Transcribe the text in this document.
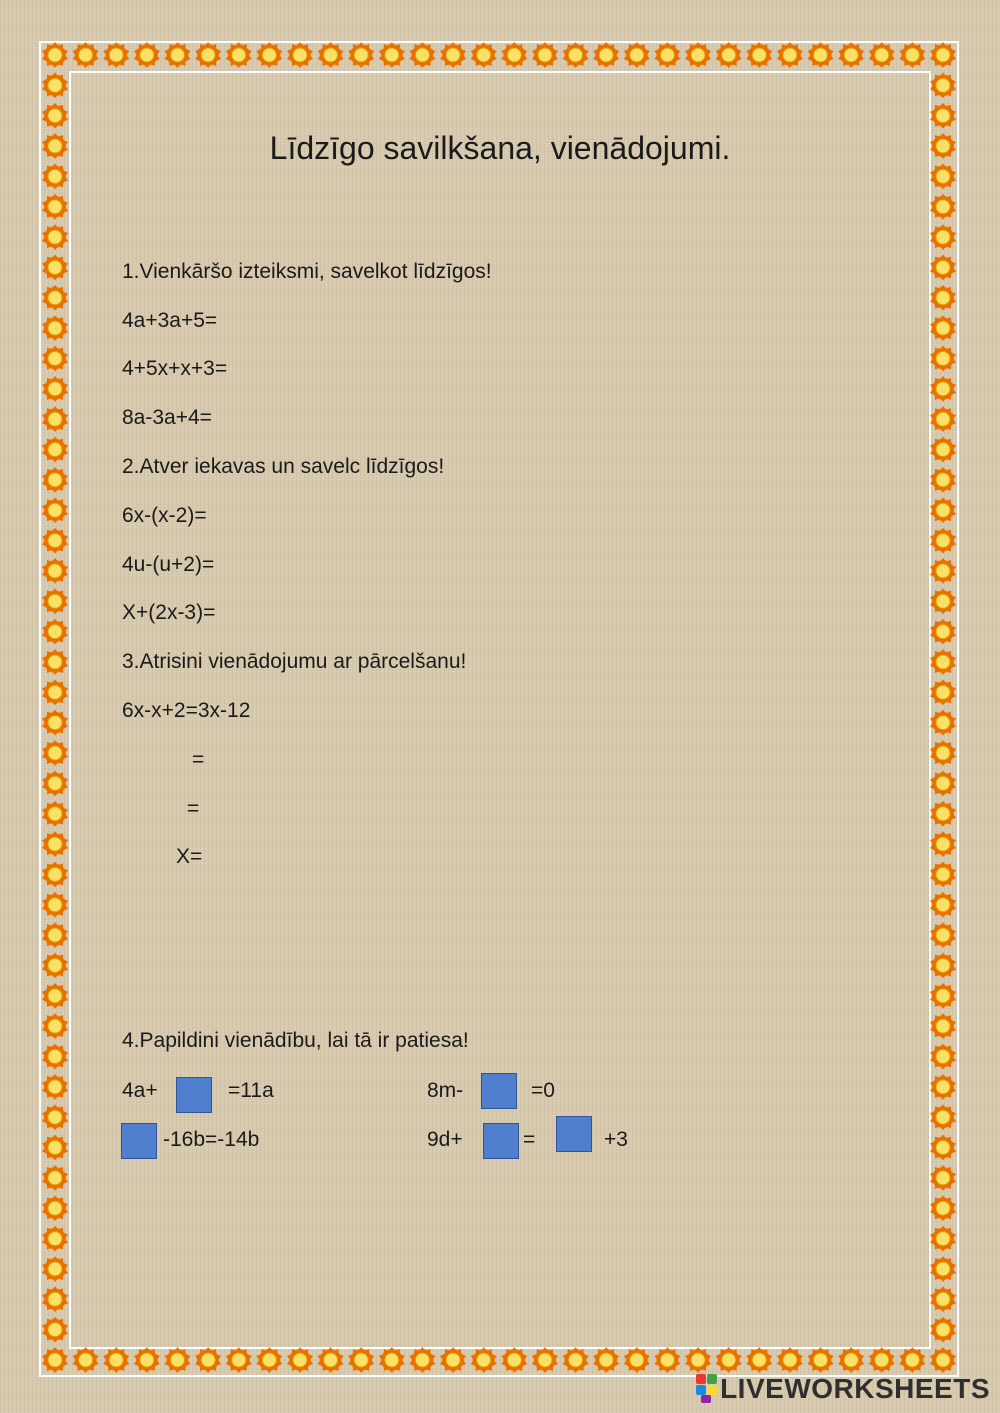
Līdzīgo savilkšana, vienādojumi.
1.Vienkāršo izteiksmi, savelkot līdzīgos!
4a+3a+5=
4+5x+x+3=
8a-3a+4=
2.Atver iekavas un savelc līdzīgos!
6x-(x-2)=
4u-(u+2)=
X+(2x-3)=
3.Atrisini vienādojumu ar pārcelšanu!
6x-x+2=3x-12
=
=
X=
4.Papildini vienādību, lai tā ir patiesa!
4a+	=11a	8m-	=0
-16b=-14b	9d+	=	+3
LIVEWORKSHEETS
